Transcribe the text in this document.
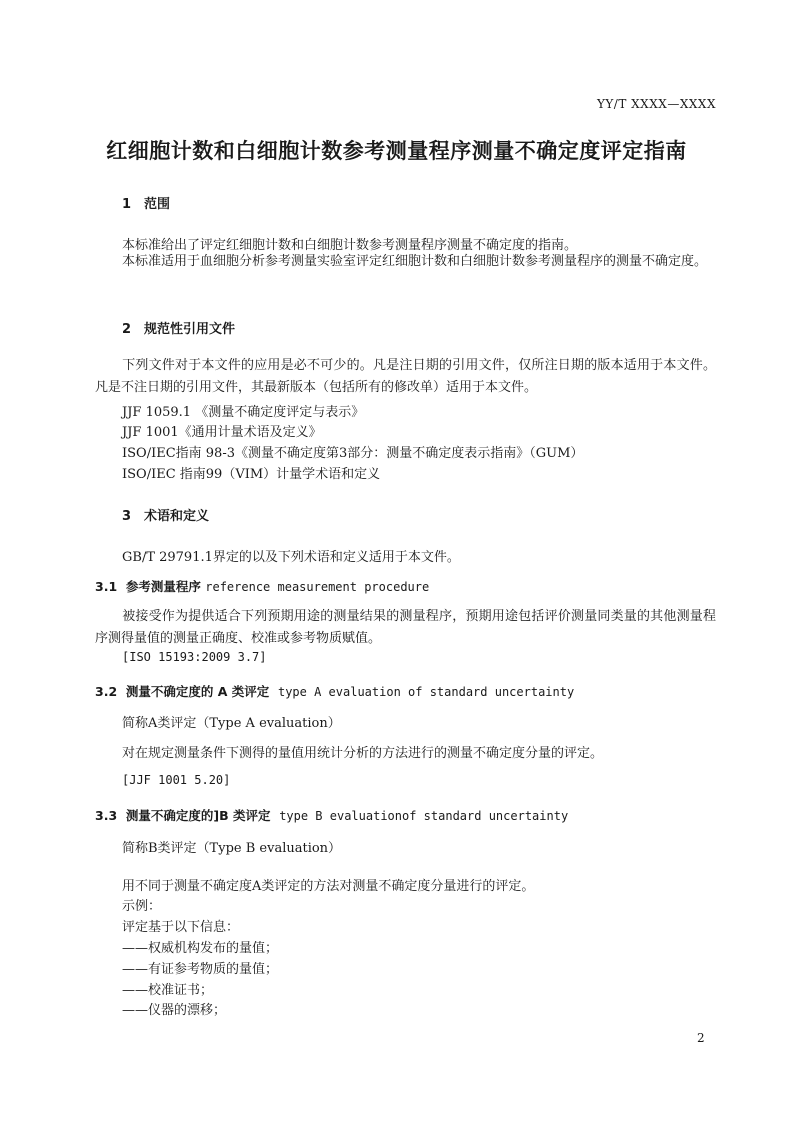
YY/T XXXX—XXXX
红细胞计数和白细胞计数参考测量程序测量不确定度评定指南
1 范围
本标准给出了评定红细胞计数和白细胞计数参考测量程序测量不确定度的指南。
本标准适用于血细胞分析参考测量实验室评定红细胞计数和白细胞计数参考测量程序的测量不确定度。
2 规范性引用文件
下列文件对于本文件的应用是必不可少的。凡是注日期的引用文件，仅所注日期的版本适用于本文件。凡是不注日期的引用文件，其最新版本（包括所有的修改单）适用于本文件。
JJF 1059.1 《测量不确定度评定与表示》
JJF 1001《通用计量术语及定义》
ISO/IEC指南 98-3《测量不确定度第3部分：测量不确定度表示指南》（GUM）
ISO/IEC 指南99（VIM）计量学术语和定义
3 术语和定义
GB/T 29791.1界定的以及下列术语和定义适用于本文件。
3.1 参考测量程序 reference measurement procedure
被接受作为提供适合下列预期用途的测量结果的测量程序，预期用途包括评价测量同类量的其他测量程序测得量值的测量正确度、校准或参考物质赋值。
[ISO 15193:2009 3.7]
3.2 测量不确定度的 A 类评定 type A evaluation of standard uncertainty
简称A类评定（Type A evaluation）
对在规定测量条件下测得的量值用统计分析的方法进行的测量不确定度分量的评定。
[JJF 1001 5.20]
3.3 测量不确定度的]B 类评定 type B evaluationof standard uncertainty
简称B类评定（Type B evaluation）
用不同于测量不确定度A类评定的方法对测量不确定度分量进行的评定。
示例：
评定基于以下信息：
——权威机构发布的量值；
——有证参考物质的量值；
——校准证书；
——仪器的漂移；
2
